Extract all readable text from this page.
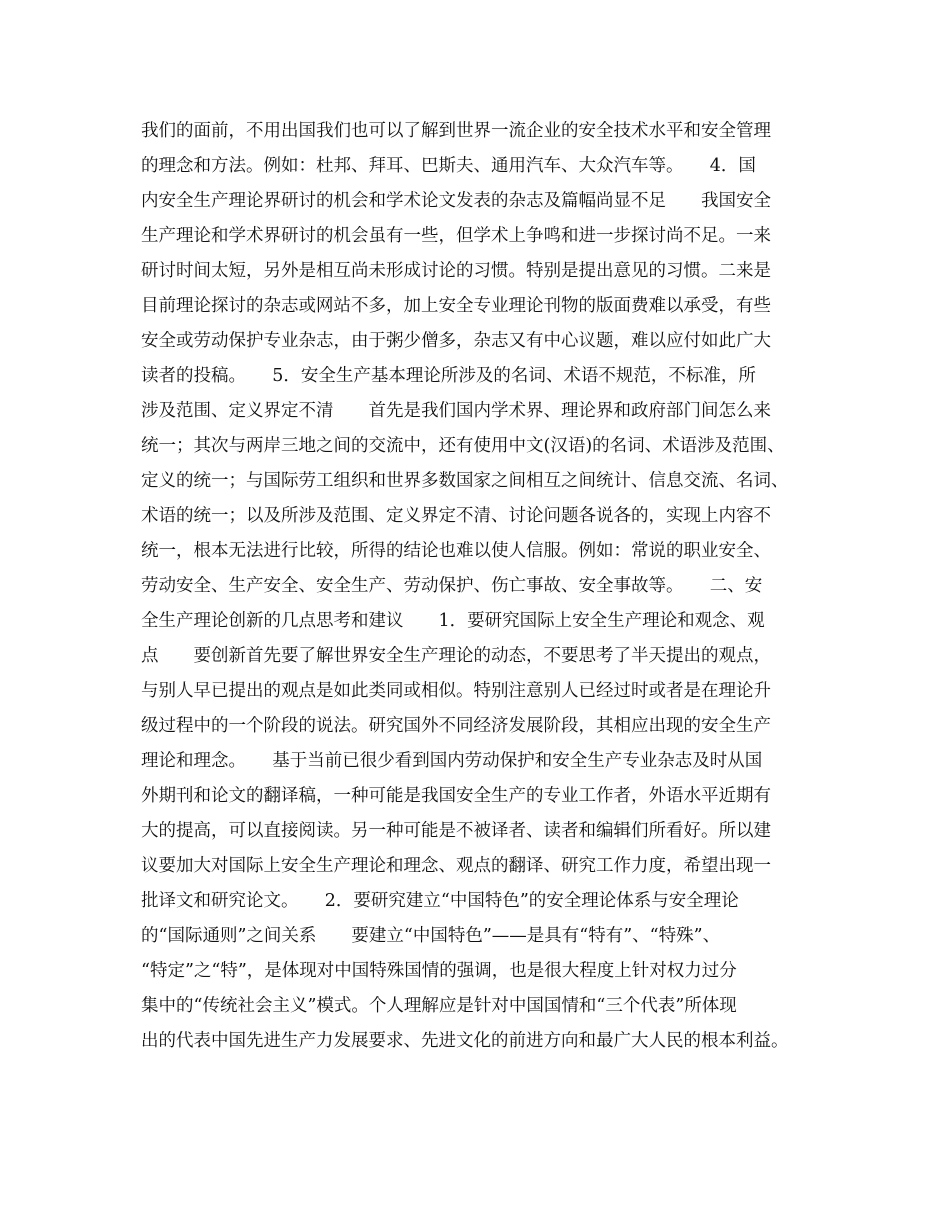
我们的面前，不用出国我们也可以了解到世界一流企业的安全技术水平和安全管理
的理念和方法。例如：杜邦、拜耳、巴斯夫、通用汽车、大众汽车等。　　4．国
内安全生产理论界研讨的机会和学术论文发表的杂志及篇幅尚显不足　　我国安全
生产理论和学术界研讨的机会虽有一些，但学术上争鸣和进一步探讨尚不足。一来
研讨时间太短，另外是相互尚未形成讨论的习惯。特别是提出意见的习惯。二来是
目前理论探讨的杂志或网站不多，加上安全专业理论刊物的版面费难以承受，有些
安全或劳动保护专业杂志，由于粥少僧多，杂志又有中心议题，难以应付如此广大
读者的投稿。　　5．安全生产基本理论所涉及的名词、术语不规范，不标准，所
涉及范围、定义界定不清　　首先是我们国内学术界、理论界和政府部门间怎么来
统一；其次与两岸三地之间的交流中，还有使用中文(汉语)的名词、术语涉及范围、
定义的统一；与国际劳工组织和世界多数国家之间相互之间统计、信息交流、名词、
术语的统一；以及所涉及范围、定义界定不清、讨论问题各说各的，实现上内容不
统一，根本无法进行比较，所得的结论也难以使人信服。例如：常说的职业安全、
劳动安全、生产安全、安全生产、劳动保护、伤亡事故、安全事故等。　　二、安
全生产理论创新的几点思考和建议　　1．要研究国际上安全生产理论和观念、观
点　　要创新首先要了解世界安全生产理论的动态，不要思考了半天提出的观点，
与别人早已提出的观点是如此类同或相似。特别注意别人已经过时或者是在理论升
级过程中的一个阶段的说法。研究国外不同经济发展阶段，其相应出现的安全生产
理论和理念。　　基于当前已很少看到国内劳动保护和安全生产专业杂志及时从国
外期刊和论文的翻译稿，一种可能是我国安全生产的专业工作者，外语水平近期有
大的提高，可以直接阅读。另一种可能是不被译者、读者和编辑们所看好。所以建
议要加大对国际上安全生产理论和理念、观点的翻译、研究工作力度，希望出现一
批译文和研究论文。　　2．要研究建立“中国特色”的安全理论体系与安全理论
的“国际通则”之间关系　　要建立“中国特色”——是具有“特有”、“特殊”、
“特定”之“特”，是体现对中国特殊国情的强调，也是很大程度上针对权力过分
集中的“传统社会主义”模式。个人理解应是针对中国国情和“三个代表”所体现
出的代表中国先进生产力发展要求、先进文化的前进方向和最广大人民的根本利益。
